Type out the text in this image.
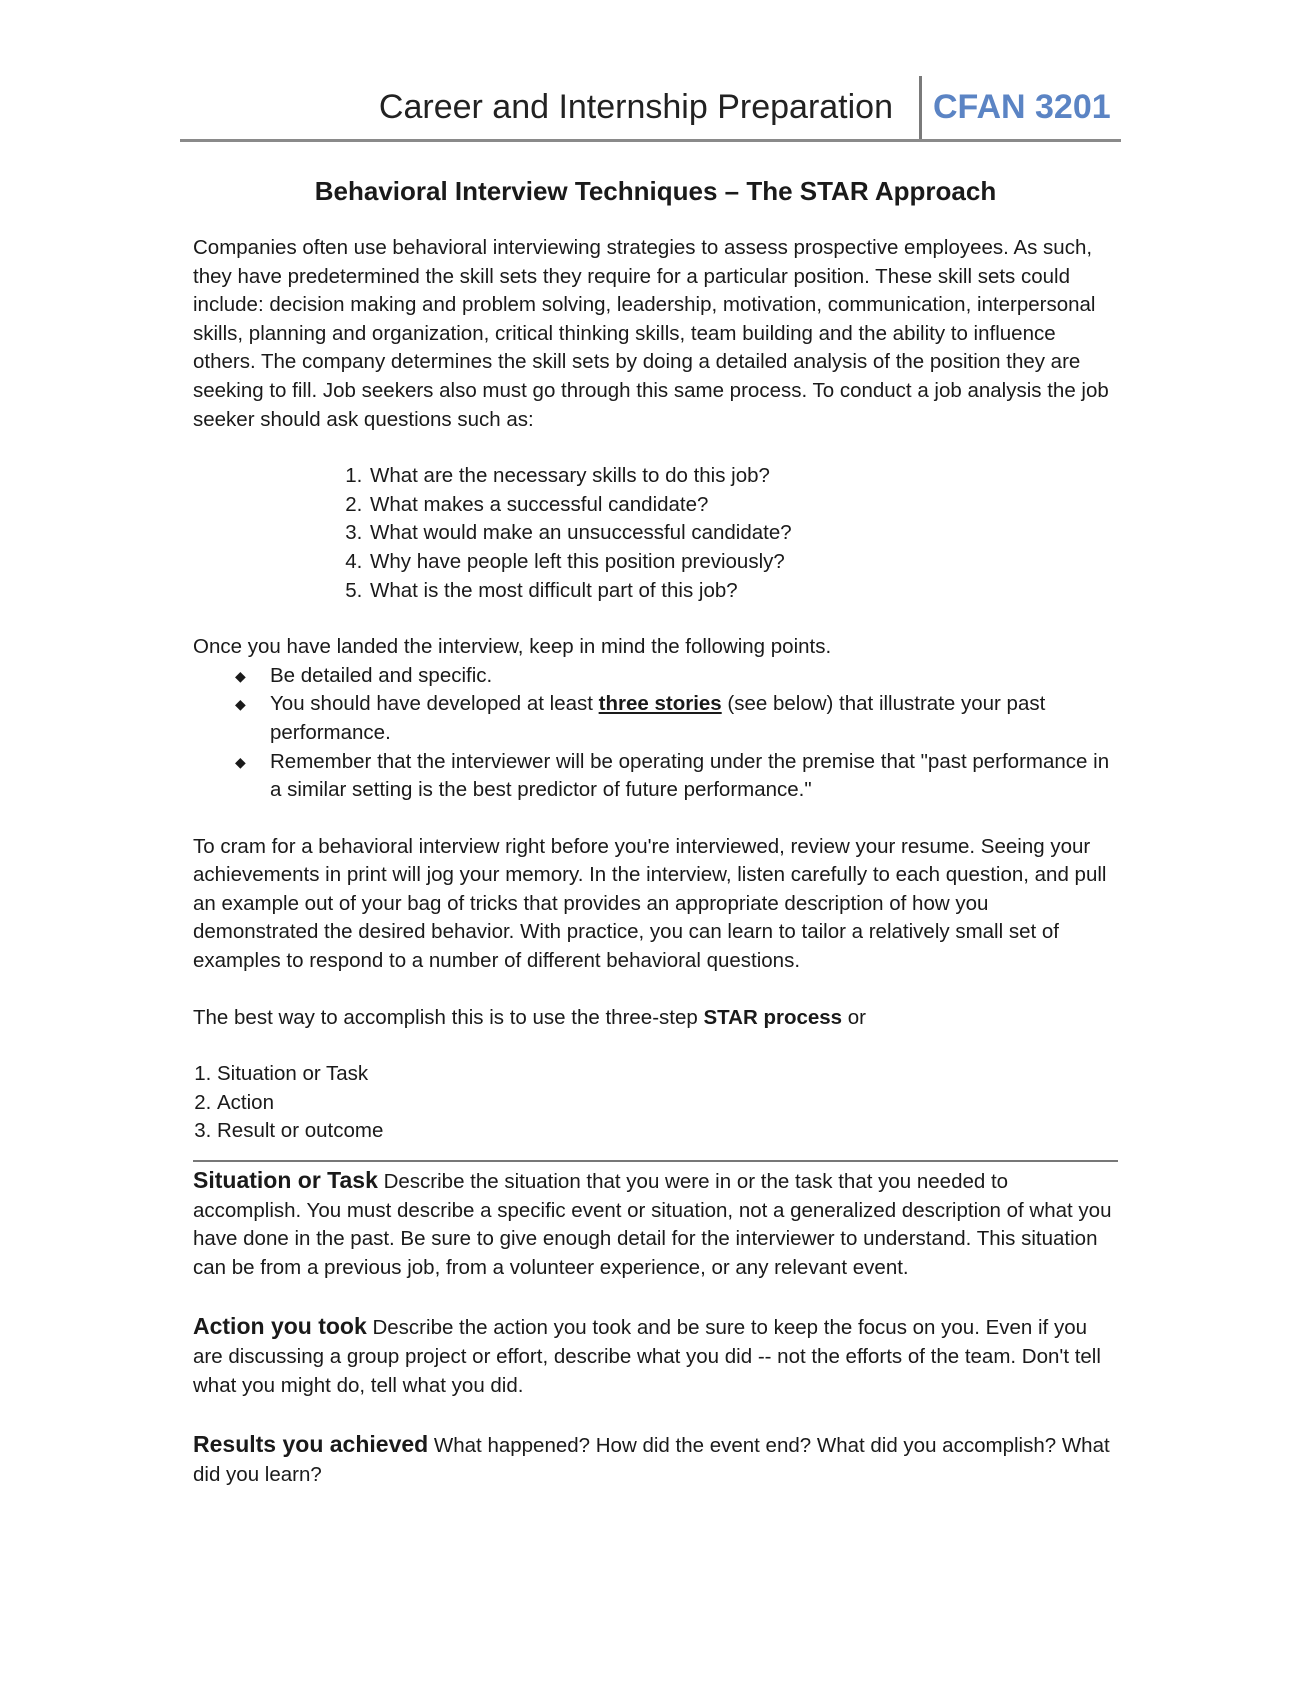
Career and Internship Preparation CFAN 3201
Behavioral Interview Techniques – The STAR Approach

Companies often use behavioral interviewing strategies to assess prospective employees. As such, they have predetermined the skill sets they require for a particular position. These skill sets could include: decision making and problem solving, leadership, motivation, communication, interpersonal skills, planning and organization, critical thinking skills, team building and the ability to influence others. The company determines the skill sets by doing a detailed analysis of the position they are seeking to fill. Job seekers also must go through this same process. To conduct a job analysis the job seeker should ask questions such as:

1. What are the necessary skills to do this job?
2. What makes a successful candidate?
3. What would make an unsuccessful candidate?
4. Why have people left this position previously?
5. What is the most difficult part of this job?

Once you have landed the interview, keep in mind the following points.

◆ Be detailed and specific.
◆ You should have developed at least three stories (see below) that illustrate your past performance.
◆ Remember that the interviewer will be operating under the premise that "past performance in a similar setting is the best predictor of future performance."

To cram for a behavioral interview right before you're interviewed, review your resume. Seeing your achievements in print will jog your memory. In the interview, listen carefully to each question, and pull an example out of your bag of tricks that provides an appropriate description of how you demonstrated the desired behavior. With practice, you can learn to tailor a relatively small set of examples to respond to a number of different behavioral questions.

The best way to accomplish this is to use the three-step STAR process or

1. Situation or Task
2. Action
3. Result or outcome

Situation or Task Describe the situation that you were in or the task that you needed to accomplish. You must describe a specific event or situation, not a generalized description of what you have done in the past. Be sure to give enough detail for the interviewer to understand. This situation can be from a previous job, from a volunteer experience, or any relevant event.

Action you took Describe the action you took and be sure to keep the focus on you. Even if you are discussing a group project or effort, describe what you did -- not the efforts of the team. Don't tell what you might do, tell what you did.

Results you achieved What happened? How did the event end? What did you accomplish? What did you learn?
